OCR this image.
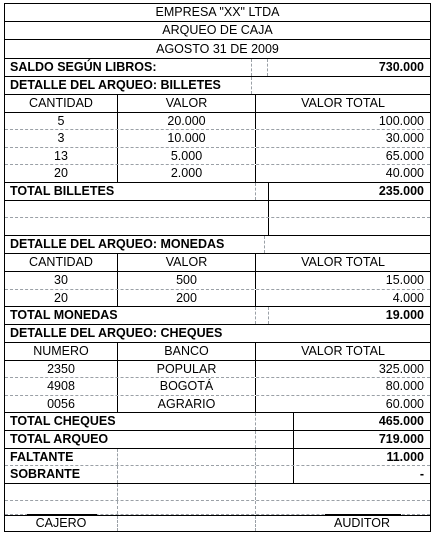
EMPRESA "XX" LTDA
ARQUEO DE CAJA
AGOSTO 31 DE 2009
SALDO SEGÚN LIBROS:	730.000
DETALLE DEL ARQUEO: BILLETES
CANTIDAD	VALOR	VALOR TOTAL
5	20.000	100.000
3	10.000	30.000
13	5.000	65.000
20	2.000	40.000
TOTAL BILLETES	235.000
DETALLE DEL ARQUEO: MONEDAS
CANTIDAD	VALOR	VALOR TOTAL
30	500	15.000
20	200	4.000
TOTAL MONEDAS	19.000
DETALLE DEL ARQUEO: CHEQUES
NUMERO	BANCO	VALOR TOTAL
2350	POPULAR	325.000
4908	BOGOTÁ	80.000
0056	AGRARIO	60.000
TOTAL CHEQUES	465.000
TOTAL ARQUEO	719.000
FALTANTE	11.000
SOBRANTE	-
CAJERO	AUDITOR
